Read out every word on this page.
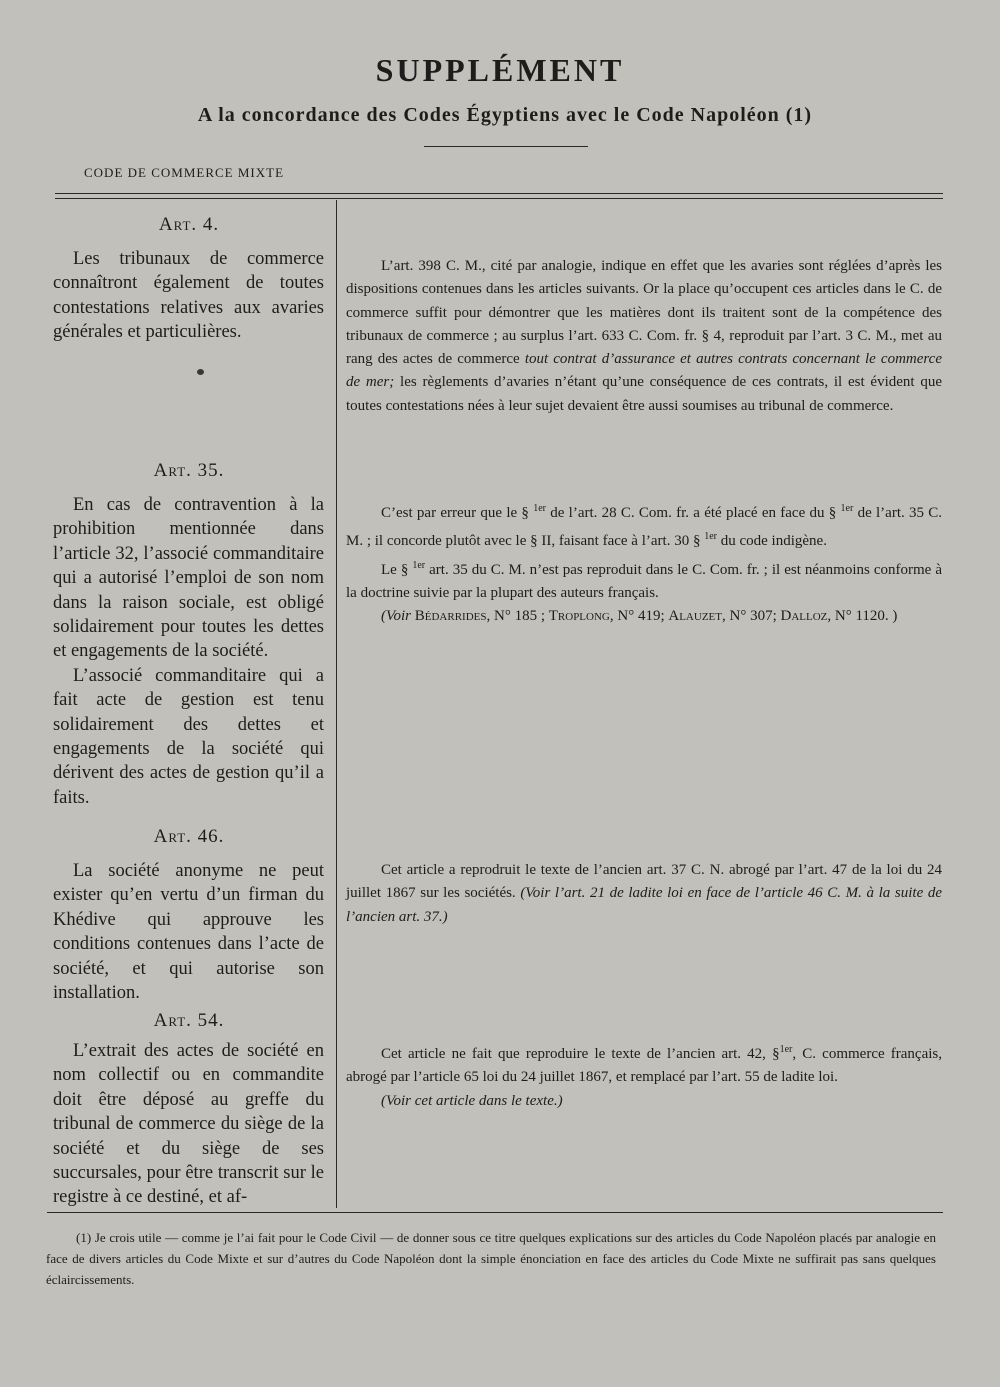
SUPPLÉMENT
A la concordance des Codes Égyptiens avec le Code Napoléon (1)
CODE DE COMMERCE MIXTE
Art. 4.

Les tribunaux de commerce connaîtront également de toutes contestations relatives aux avaries générales et particulières.

Art. 35.

En cas de contravention à la prohibition mentionnée dans l’article 32, l’associé commanditaire qui a autorisé l’emploi de son nom dans la raison sociale, est obligé solidairement pour toutes les dettes et engagements de la société.

L’associé commanditaire qui a fait acte de gestion est tenu solidairement des dettes et engagements de la société qui dérivent des actes de gestion qu’il a faits.

Art. 46.

La société anonyme ne peut exister qu’en vertu d’un firman du Khédive qui approuve les conditions contenues dans l’acte de société, et qui autorise son installation.

Art. 54.

L’extrait des actes de société en nom collectif ou en commandite doit être déposé au greffe du tribunal de commerce du siège de la société et du siège de ses succursales, pour être transcrit sur le registre à ce destiné, et af-

L’art. 398 C. M., cité par analogie, indique en effet que les avaries sont réglées d’après les dispositions contenues dans les articles suivants. Or la place qu’occupent ces articles dans le C. de commerce suffit pour démontrer que les matières dont ils traitent sont de la compétence des tribunaux de commerce ; au surplus l’art. 633 C. Com. fr. § 4, reproduit par l’art. 3 C. M., met au rang des actes de commerce tout contrat d’assurance et autres contrats concernant le commerce de mer; les règlements d’avaries n’étant qu’une conséquence de ces contrats, il est évident que toutes contestations nées à leur sujet devaient être aussi soumises au tribunal de commerce.

C’est par erreur que le § $^{1er}$ de l’art. 28 C. Com. fr. a été placé en face du § $^{1er}$ de l’art. 35 C. M. ; il concorde plutôt avec le § II, faisant face à l’art. 30 § $^{1er}$ du code indigène.

Le § $^{1er}$ art. 35 du C. M. n’est pas reproduit dans le C. Com. fr. ; il est néanmoins conforme à la doctrine suivie par la plupart des auteurs français.

(Voir Bédarrides, N° 185 ; Troplong, N° 419; Alauzet, N° 307; Dalloz, N° 1120. )

Cet article a reprodruit le texte de l’ancien art. 37 C. N. abrogé par l’art. 47 de la loi du 24 juillet 1867 sur les sociétés. (Voir l’art. 21 de ladite loi en face de l’article 46 C. M. à la suite de l’ancien art. 37.)

Cet article ne fait que reproduire le texte de l’ancien art. 42, §$^{1er}$, C. commerce français, abrogé par l’article 65 loi du 24 juillet 1867, et remplacé par l’art. 55 de ladite loi.

(Voir cet article dans le texte.)

(1) Je crois utile — comme je l’ai fait pour le Code Civil — de donner sous ce titre quelques explications sur des articles du Code Napoléon placés par analogie en face de divers articles du Code Mixte et sur d’autres du Code Napoléon dont la simple énonciation en face des articles du Code Mixte ne suffirait pas sans quelques éclaircissements.
